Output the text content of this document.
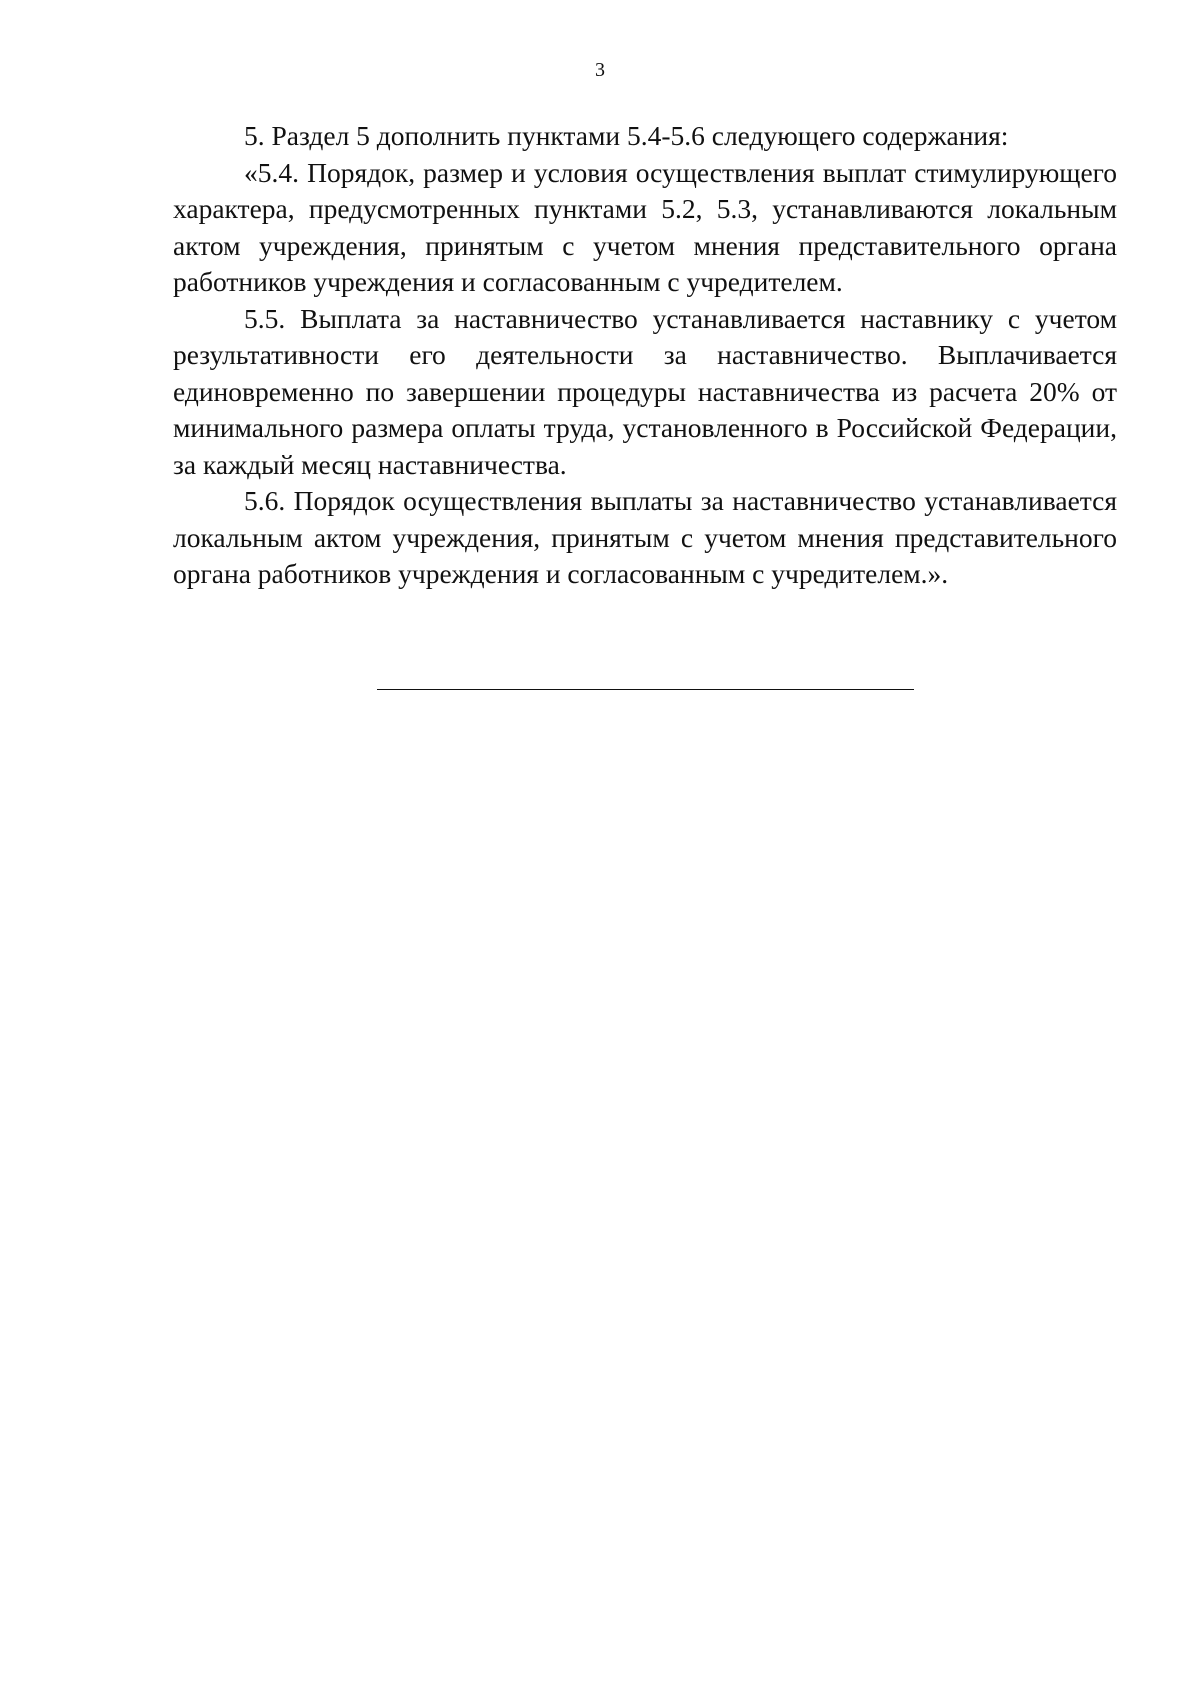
3

5. Раздел 5 дополнить пунктами 5.4-5.6 следующего содержания:

«5.4. Порядок, размер и условия осуществления выплат стимулирующего характера, предусмотренных пунктами 5.2, 5.3, устанавливаются локальным актом учреждения, принятым с учетом мнения представительного органа работников учреждения и согласованным с учредителем.

5.5. Выплата за наставничество устанавливается наставнику с учетом результативности его деятельности за наставничество. Выплачивается единовременно по завершении процедуры наставничества из расчета 20% от минимального размера оплаты труда, установленного в Российской Федерации, за каждый месяц наставничества.

5.6. Порядок осуществления выплаты за наставничество устанавливается локальным актом учреждения, принятым с учетом мнения представительного органа работников учреждения и согласованным с учредителем.».
